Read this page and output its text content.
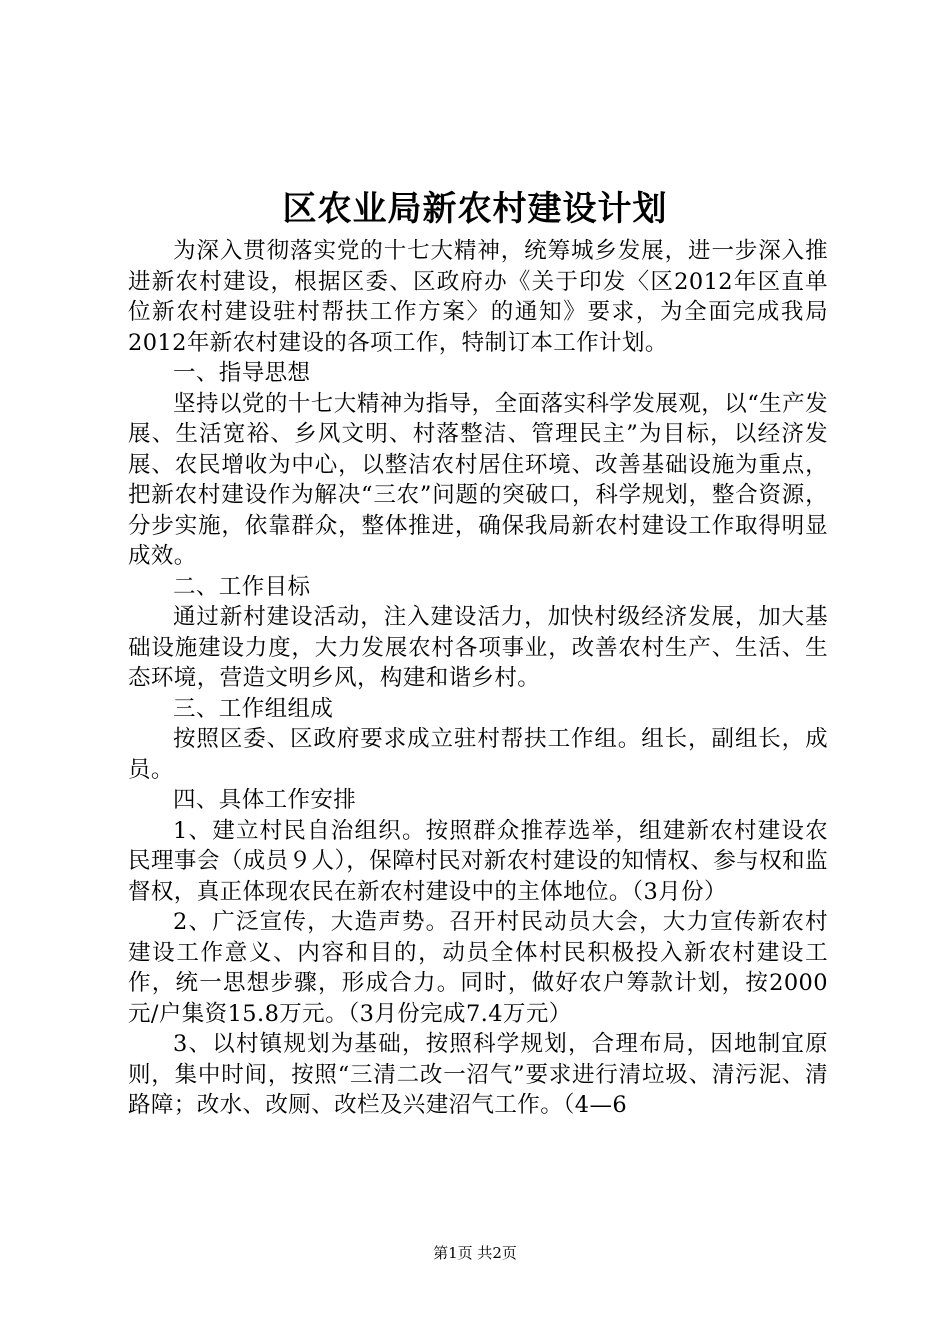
区农业局新农村建设计划

为深入贯彻落实党的十七大精神，统筹城乡发展，进一步深入推进新农村建设，根据区委、区政府办《关于印发〈区2012年区直单位新农村建设驻村帮扶工作方案〉的通知》要求，为全面完成我局2012年新农村建设的各项工作，特制订本工作计划。

一、指导思想

坚持以党的十七大精神为指导，全面落实科学发展观，以“生产发展、生活宽裕、乡风文明、村落整洁、管理民主”为目标，以经济发展、农民增收为中心，以整洁农村居住环境、改善基础设施为重点，把新农村建设作为解决“三农”问题的突破口，科学规划，整合资源，分步实施，依靠群众，整体推进，确保我局新农村建设工作取得明显成效。

二、工作目标

通过新村建设活动，注入建设活力，加快村级经济发展，加大基础设施建设力度，大力发展农村各项事业，改善农村生产、生活、生态环境，营造文明乡风，构建和谐乡村。

三、工作组组成

按照区委、区政府要求成立驻村帮扶工作组。组长，副组长，成员。

四、具体工作安排

1、建立村民自治组织。按照群众推荐选举，组建新农村建设农民理事会（成员９人），保障村民对新农村建设的知情权、参与权和监督权，真正体现农民在新农村建设中的主体地位。（3月份）

2、广泛宣传，大造声势。召开村民动员大会，大力宣传新农村建设工作意义、内容和目的，动员全体村民积极投入新农村建设工作，统一思想步骤，形成合力。同时，做好农户筹款计划，按2000元/户集资15.8万元。（3月份完成7.4万元）

3、以村镇规划为基础，按照科学规划，合理布局，因地制宜原则，集中时间，按照“三清二改一沼气”要求进行清垃圾、清污泥、清路障；改水、改厕、改栏及兴建沼气工作。（4—6

第1页 共2页
